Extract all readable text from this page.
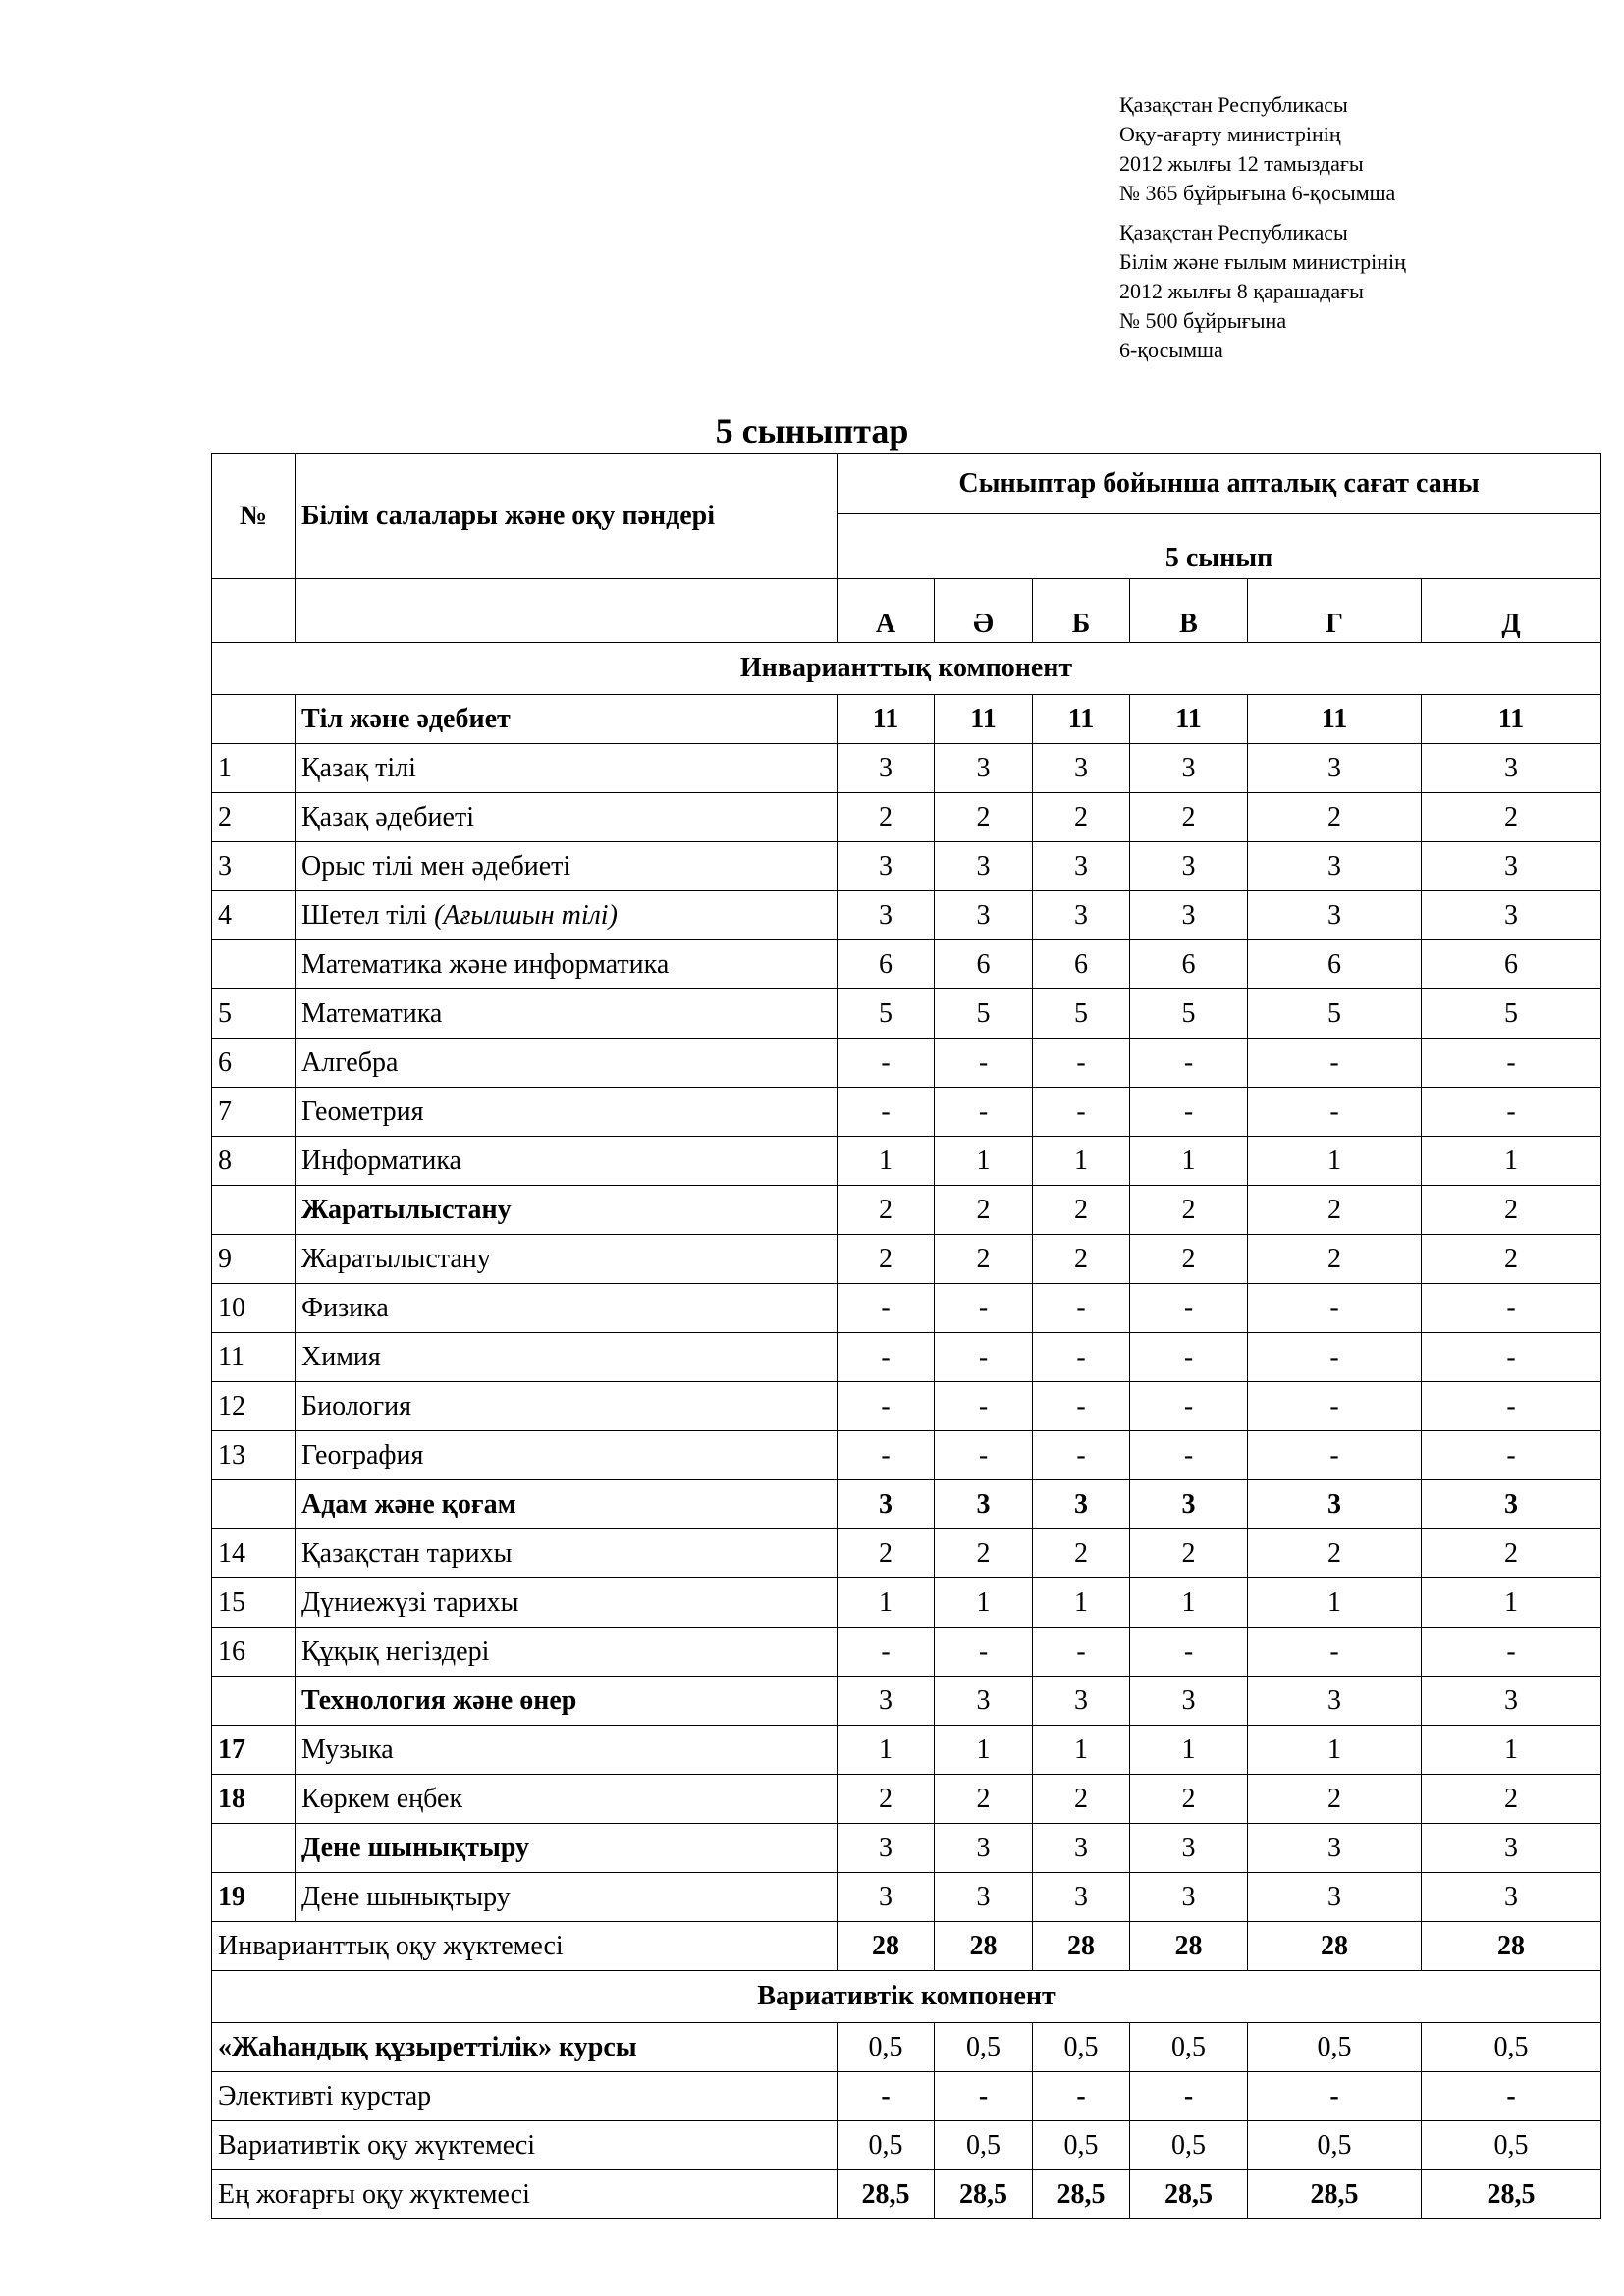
Қазақстан Республикасы
Оқу-ағарту министрінің
2012 жылғы 12 тамыздағы
№ 365 бұйрығына 6-қосымша
Қазақстан Республикасы
Білім және ғылым министрінің
2012 жылғы 8 қарашадағы
№ 500 бұйрығына
6-қосымша
5 сыныптар
№	Білім салалары және оқу пәндері	Сыныптар бойынша апталық сағат саны					
		5 сынып					
		А	Ә	Б	В	Г	Д
Инварианттық компонент							
	Тіл және әдебиет	11	11	11	11	11	11
1	Қазақ тілі	3	3	3	3	3	3
2	Қазақ әдебиеті	2	2	2	2	2	2
3	Орыс тілі мен әдебиеті	3	3	3	3	3	3
4	Шетел тілі (Ағылшын тілі)	3	3	3	3	3	3
	Математика және информатика	6	6	6	6	6	6
5	Математика	5	5	5	5	5	5
6	Алгебра	-	-	-	-	-	-
7	Геометрия	-	-	-	-	-	-
8	Информатика	1	1	1	1	1	1
	Жаратылыстану	2	2	2	2	2	2
9	Жаратылыстану	2	2	2	2	2	2
10	Физика	-	-	-	-	-	-
11	Химия	-	-	-	-	-	-
12	Биология	-	-	-	-	-	-
13	География	-	-	-	-	-	-
	Адам және қоғам	3	3	3	3	3	3
14	Қазақстан тарихы	2	2	2	2	2	2
15	Дүниежүзі тарихы	1	1	1	1	1	1
16	Құқық негіздері	-	-	-	-	-	-
	Технология және өнер	3	3	3	3	3	3
17	Музыка	1	1	1	1	1	1
18	Көркем еңбек	2	2	2	2	2	2
	Дене шынықтыру	3	3	3	3	3	3
19	Дене шынықтыру	3	3	3	3	3	3
Инварианттық оқу жүктемесі		28	28	28	28	28	28
Вариативтік компонент							
«Жаһандық құзыреттілік» курсы		0,5	0,5	0,5	0,5	0,5	0,5
Элективті курстар		-	-	-	-	-	-
Вариативтік оқу жүктемесі		0,5	0,5	0,5	0,5	0,5	0,5
Ең жоғарғы оқу жүктемесі		28,5	28,5	28,5	28,5	28,5	28,5
